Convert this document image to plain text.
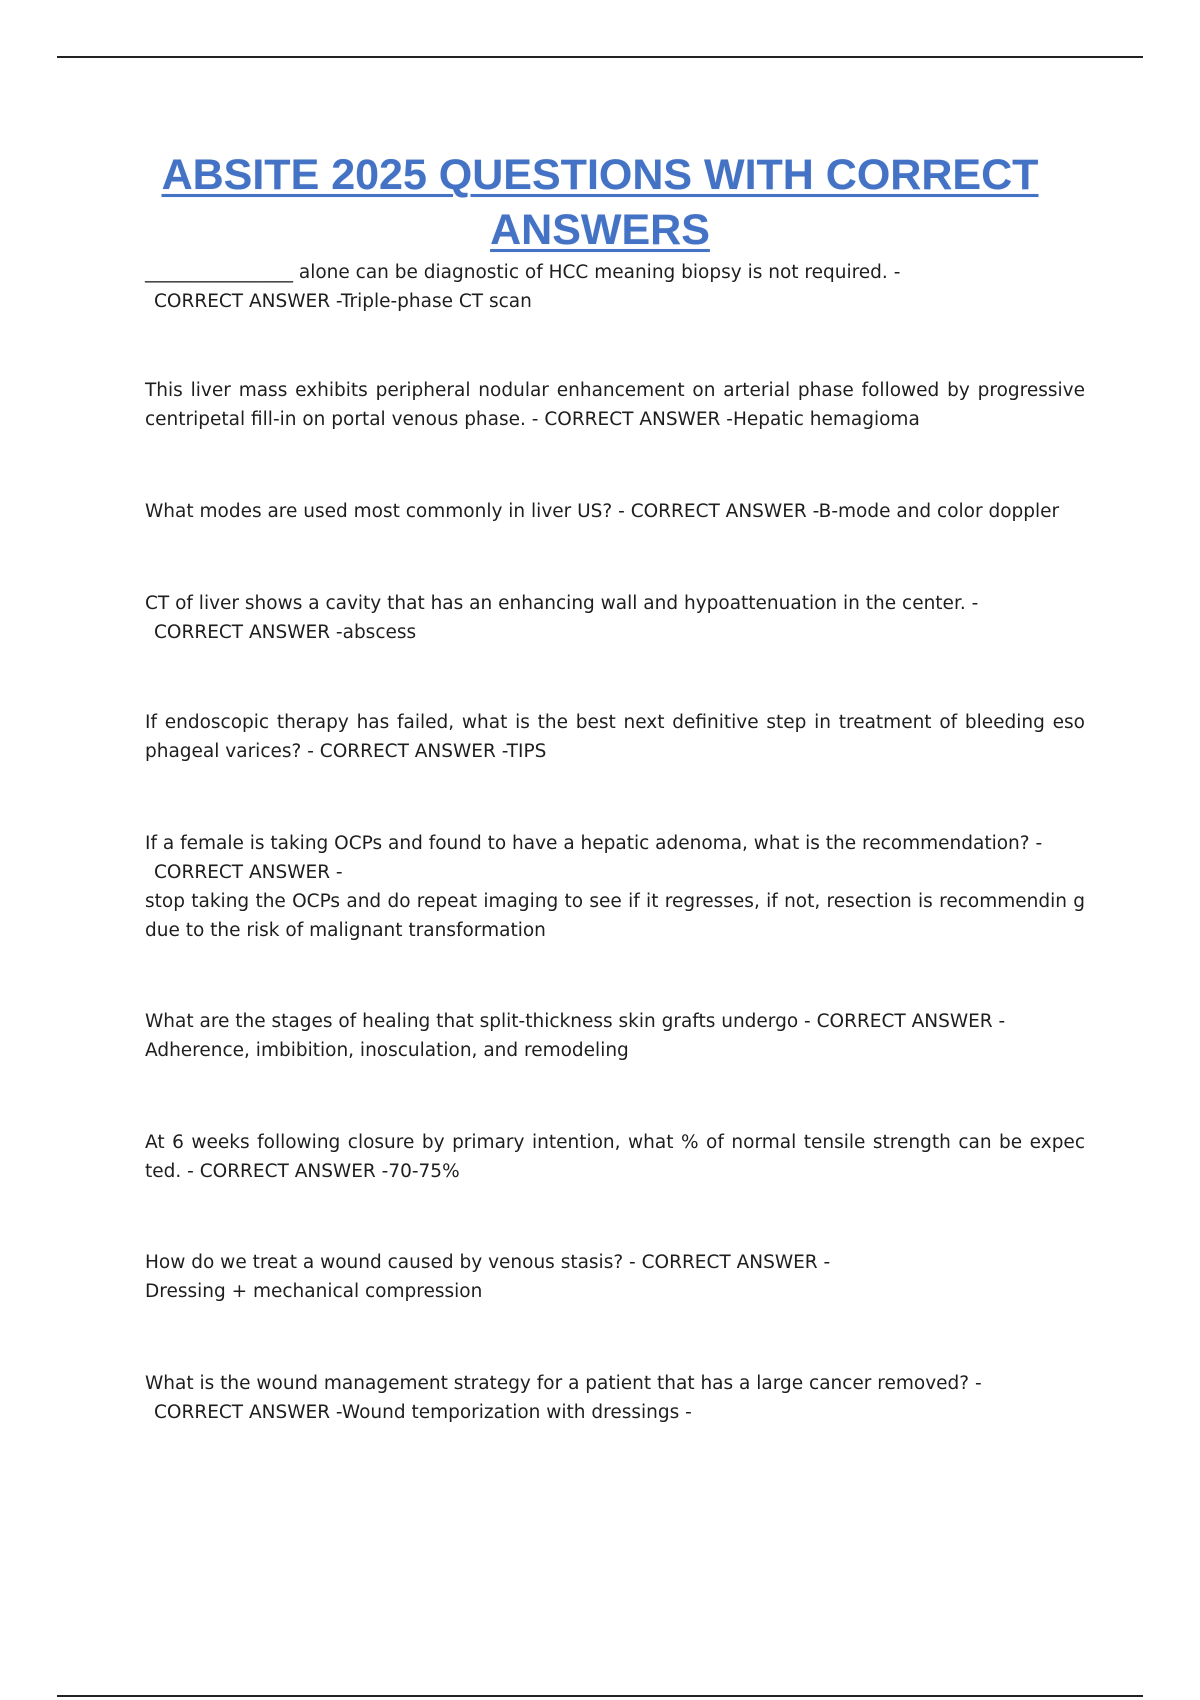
ABSITE 2025 QUESTIONS WITH CORRECT ANSWERS
________________ alone can be diagnostic of HCC meaning biopsy is not required. -
CORRECT ANSWER -Triple-phase CT scan
This liver mass exhibits peripheral nodular enhancement on arterial phase followed by progressive centripetal fill-in on portal venous phase. - CORRECT ANSWER -Hepatic hemagioma
What modes are used most commonly in liver US? - CORRECT ANSWER -B-mode and color doppler
CT of liver shows a cavity that has an enhancing wall and hypoattenuation in the center. -
CORRECT ANSWER -abscess
If endoscopic therapy has failed, what is the best next definitive step in treatment of bleeding eso phageal varices? - CORRECT ANSWER -TIPS
If a female is taking OCPs and found to have a hepatic adenoma, what is the recommendation? -
CORRECT ANSWER -
stop taking the OCPs and do repeat imaging to see if it regresses, if not, resection is recommendin g due to the risk of malignant transformation
What are the stages of healing that split-thickness skin grafts undergo - CORRECT ANSWER -
Adherence, imbibition, inosculation, and remodeling
At 6 weeks following closure by primary intention, what % of normal tensile strength can be expec ted. - CORRECT ANSWER -70-75%
How do we treat a wound caused by venous stasis? - CORRECT ANSWER -
Dressing + mechanical compression
What is the wound management strategy for a patient that has a large cancer removed? -
CORRECT ANSWER -Wound temporization with dressings -
